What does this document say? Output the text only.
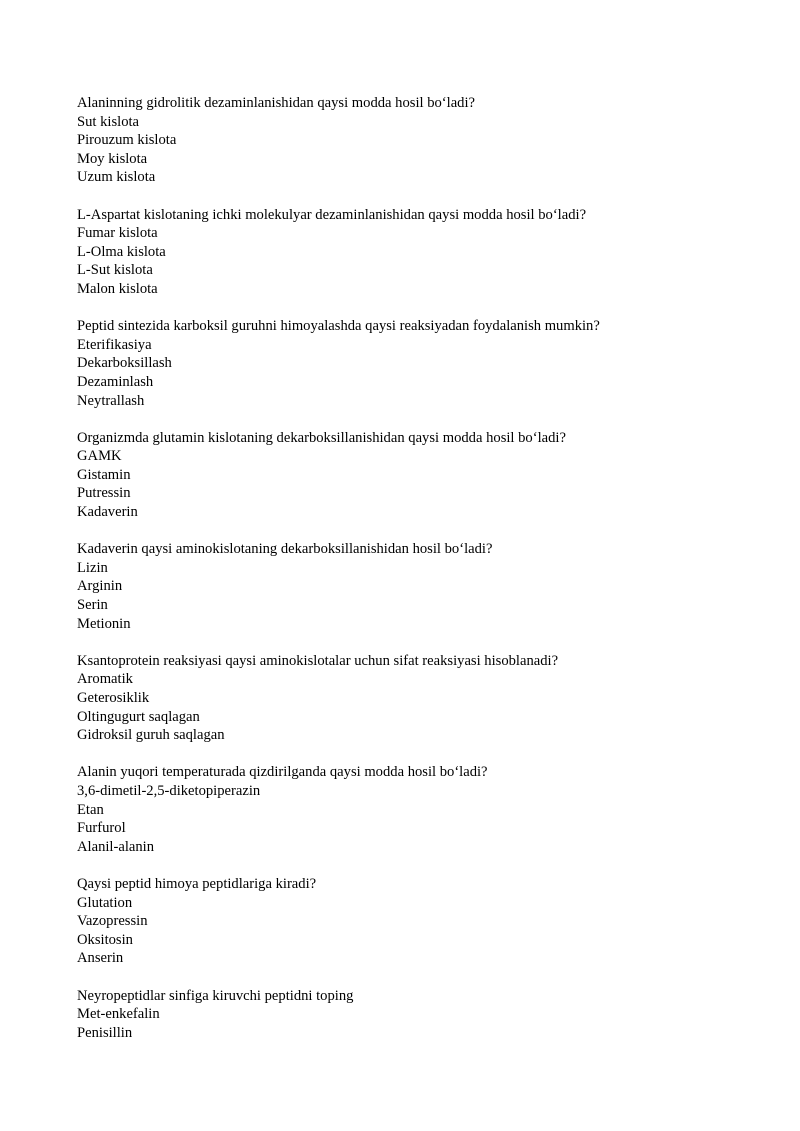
Alaninning gidrolitik dezaminlanishidan qaysi modda hosil bo‘ladi?
Sut kislota
Pirouzum kislota
Moy kislota
Uzum kislota
L-Aspartat kislotaning ichki molekulyar dezaminlanishidan qaysi modda hosil bo‘ladi?
Fumar kislota
L-Olma kislota
L-Sut kislota
Malon kislota
Peptid sintezida karboksil guruhni himoyalashda qaysi reaksiyadan foydalanish mumkin?
Eterifikasiya
Dekarboksillash
Dezaminlash
Neytrallash
Organizmda glutamin kislotaning dekarboksillanishidan qaysi modda hosil bo‘ladi?
GAMK
Gistamin
Putressin
Kadaverin
Kadaverin qaysi aminokislotaning dekarboksillanishidan hosil bo‘ladi?
Lizin
Arginin
Serin
Metionin
Ksantoprotein reaksiyasi qaysi aminokislotalar uchun sifat reaksiyasi hisoblanadi?
Aromatik
Geterosiklik
Oltingugurt saqlagan
Gidroksil guruh saqlagan
Alanin yuqori temperaturada qizdirilganda qaysi modda hosil bo‘ladi?
3,6-dimetil-2,5-diketopiperazin
Etan
Furfurol
Alanil-alanin
Qaysi peptid himoya peptidlariga kiradi?
Glutation
Vazopressin
Oksitosin
Anserin
Neyropeptidlar sinfiga kiruvchi peptidni toping
Met-enkefalin
Penisillin
